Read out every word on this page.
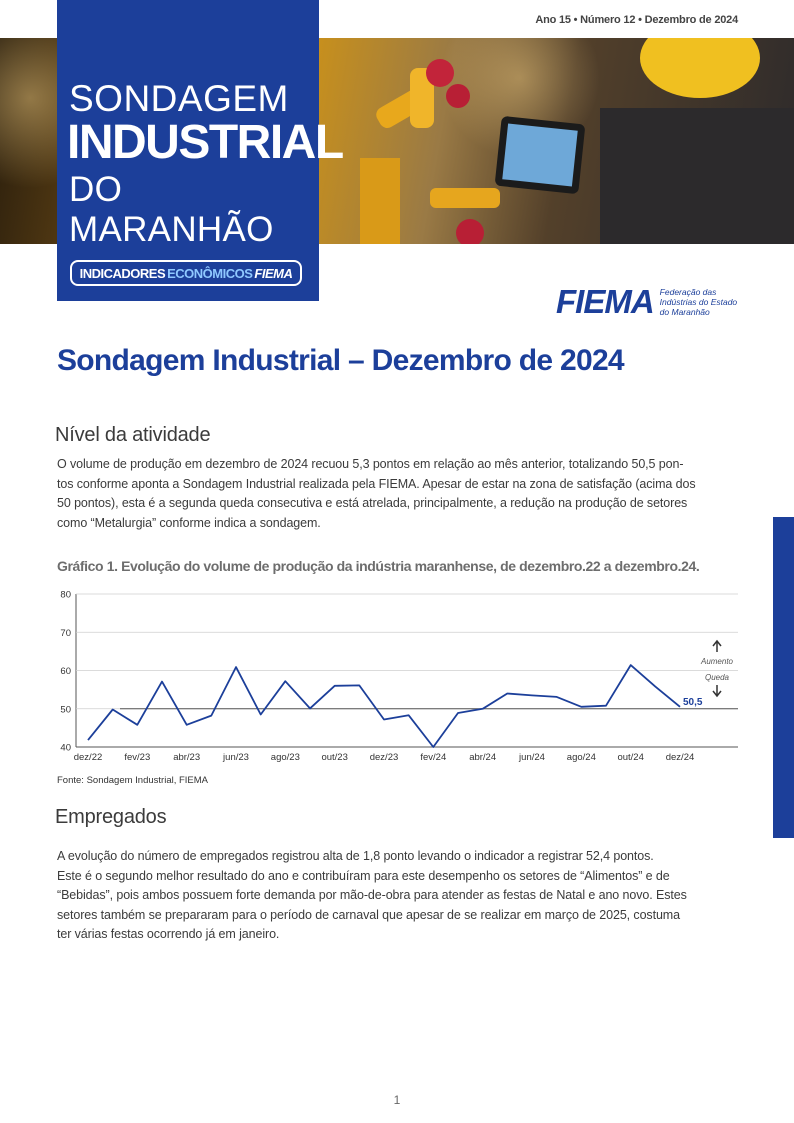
Ano 15 • Número 12 • Dezembro de 2024
SONDAGEM
INDUSTRIAL
DO MARANHÃO
INDICADORES ECONÔMICOS FIEMA
FIEMA Federação das
Indústrias do Estado
do Maranhão
Sondagem Industrial – Dezembro de 2024
Nível da atividade
O volume de produção em dezembro de 2024 recuou 5,3 pontos em relação ao mês anterior, totalizando 50,5 pon-
tos conforme aponta a Sondagem Industrial realizada pela FIEMA. Apesar de estar na zona de satisfação (acima dos
50 pontos), esta é a segunda queda consecutiva e está atrelada, principalmente, a redução na produção de setores
como “Metalurgia” conforme indica a sondagem.
Gráfico 1. Evolução do volume de produção da indústria maranhense, de dezembro.22 a dezembro.24.
40
50
60
70
80
dez/22 fev/23 abr/23 jun/23 ago/23 out/23 dez/23 fev/24 abr/24 jun/24 ago/24 out/24 dez/24
50,5
Aumento
Queda
Fonte: Sondagem Industrial, FIEMA
Empregados
A evolução do número de empregados registrou alta de 1,8 ponto levando o indicador a registrar 52,4 pontos.
Este é o segundo melhor resultado do ano e contribuíram para este desempenho os setores de “Alimentos” e de
“Bebidas”, pois ambos possuem forte demanda por mão-de-obra para atender as festas de Natal e ano novo. Estes
setores também se prepararam para o período de carnaval que apesar de se realizar em março de 2025, costuma
ter várias festas ocorrendo já em janeiro.
1
